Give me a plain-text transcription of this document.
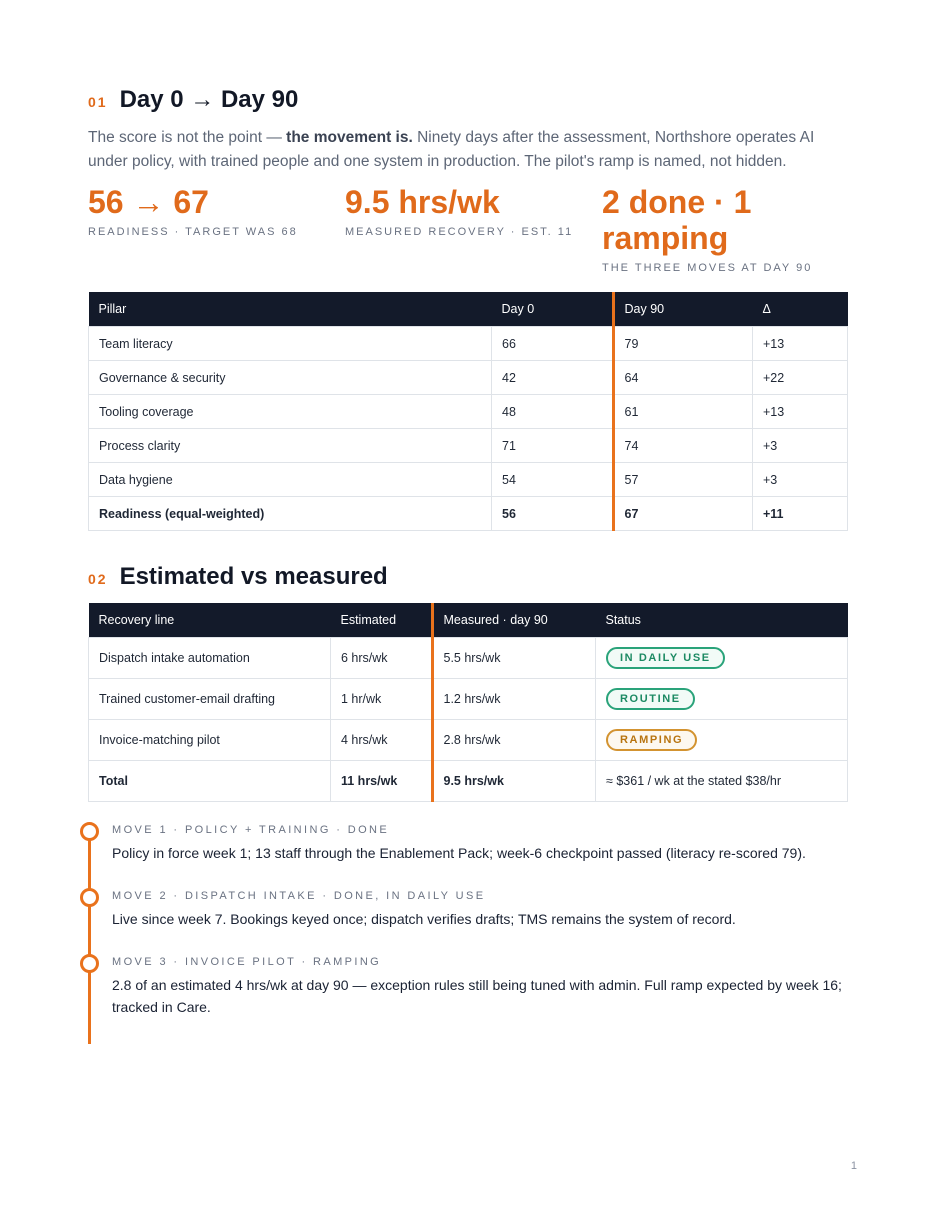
01 Day 0 → Day 90

The score is not the point — the movement is. Ninety days after the assessment, Northshore operates AI under policy, with trained people and one system in production. The pilot's ramp is named, not hidden.

56 → 67
READINESS · TARGET WAS 68
9.5 hrs/wk
MEASURED RECOVERY · EST. 11
2 done · 1 ramping
THE THREE MOVES AT DAY 90
Pillar	Day 0	Day 90	Δ
Team literacy	66	79	+13
Governance & security	42	64	+22
Tooling coverage	48	61	+13
Process clarity	71	74	+3
Data hygiene	54	57	+3
Readiness (equal-weighted)	56	67	+11
02 Estimated vs measured
Recovery line	Estimated	Measured · day 90	Status
Dispatch intake automation	6 hrs/wk	5.5 hrs/wk	IN DAILY USE
Trained customer-email drafting	1 hr/wk	1.2 hrs/wk	ROUTINE
Invoice-matching pilot	4 hrs/wk	2.8 hrs/wk	RAMPING
Total	11 hrs/wk	9.5 hrs/wk	≈ $361 / wk at the stated $38/hr
MOVE 1 · POLICY + TRAINING · DONE
Policy in force week 1; 13 staff through the Enablement Pack; week-6 checkpoint passed (literacy re-scored 79).
MOVE 2 · DISPATCH INTAKE · DONE, IN DAILY USE
Live since week 7. Bookings keyed once; dispatch verifies drafts; TMS remains the system of record.
MOVE 3 · INVOICE PILOT · RAMPING
2.8 of an estimated 4 hrs/wk at day 90 — exception rules still being tuned with admin. Full ramp expected by week 16; tracked in Care.
1
